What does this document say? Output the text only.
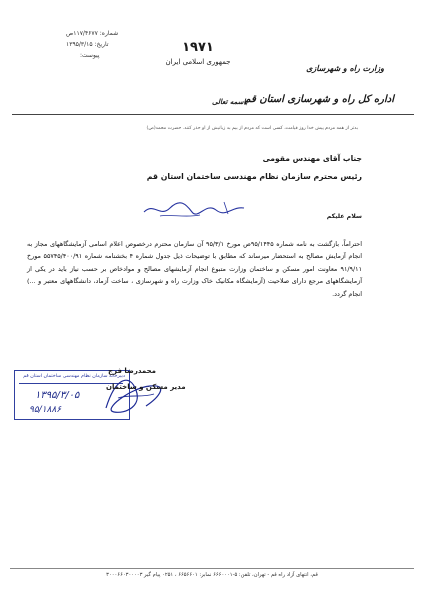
شماره: ۱۱۷/۴۶۷۷ص
تاریخ: ۱۳۹۵/۳/۱۵
پیوست:
۱۹۷۱
جمهوری اسلامی ایران
وزارت راه و شهرسازی
اداره کل راه و شهرسازی استان قم
باسمه تعالی
بدتر از همه مردم پیش خدا روز قیامت، کسی است که مردم از بیم بد زبانیش از او حذر کنند. حضرت محمد(ص)
جناب آقای مهندس مقومی
رئیس محترم سازمان نظام مهندسی ساختمان استان قم
سلام علیکم
احتراماً، بازگشت به نامه شماره ۹۵/۱۴۴۵ص مورخ ۹۵/۳/۱ آن سازمان محترم درخصوص اعلام اسامی آزمایشگاههای مجاز به انجام آزمایش مصالح به استحضار میرساند که مطابق با توضیحات ذیل جدول شماره ۴ بخشنامه شماره ۵۵۷۴۵/۴۰۰/۹۱ مورخ ۹۱/۹/۱۱ معاونت امور مسکن و ساختمان وزارت متبوع انجام آزمایشهای مصالح و موادخاص بر حسب نیاز باید در یکی از آزمایشگاههای مرجع دارای صلاحیت (آزمایشگاه مکانیک خاک وزارت راه و شهرسازی ، ساخت آزماد، دانشگاههای معتبر و ...) انجام گردد.
دبیرخانه سازمان نظام مهندسی ساختمان استان قم
۱۳۹۵/۳/۰۵
۹۵/۱۸۸۶
محمدرضا فرج
مدیر مسکن و ساختمان
قم، انتهای آزاد راه قم - تهران، تلفن: ۵-۶۶۶۰۰۰۱ نمابر: ۶۶۵۶۶۰۱ ، ۰۲۵۱ پیام گیر ۳۰۰۰۶۶۰۳۰۰۰۰۳
